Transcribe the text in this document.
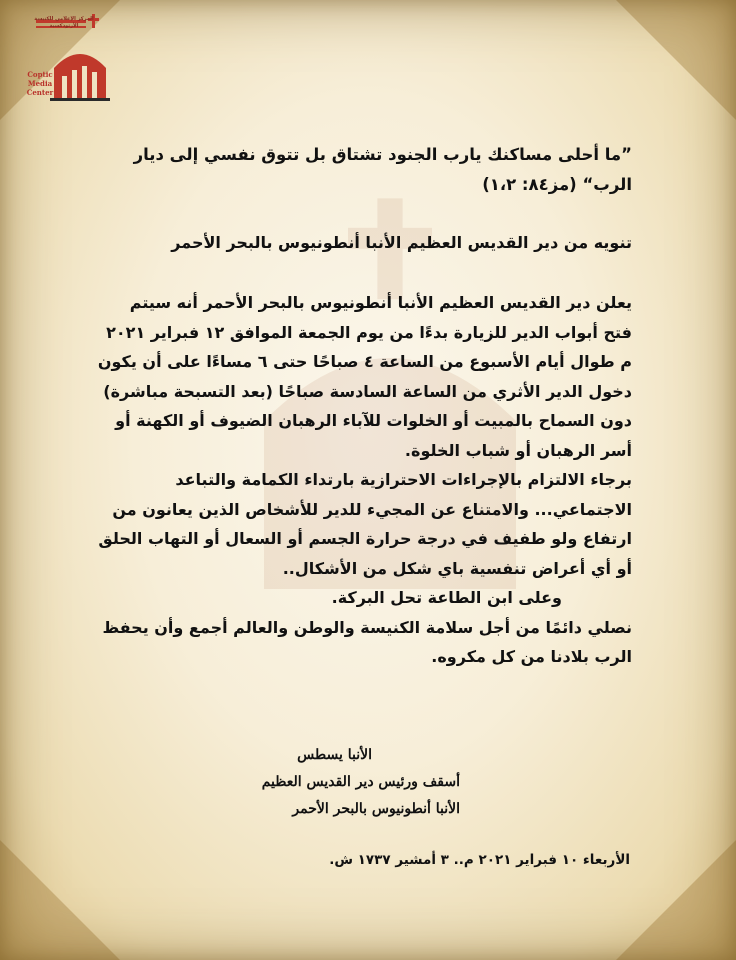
Coptic
Media
Center
المركز الإعلامي للكنيسة الأرثوذكسية

”ما أحلى مساكنك يارب الجنود تشتاق بل تتوق نفسي إلى ديار الرب“ (مز٨٤: ١،٢)

تنويه من دير القديس العظيم الأنبا أنطونيوس بالبحر الأحمر

يعلن دير القديس العظيم الأنبا أنطونيوس بالبحر الأحمر أنه سيتم فتح أبواب الدير للزيارة بدءًا من يوم الجمعة الموافق ١٢ فبراير ٢٠٢١ م طوال أيام الأسبوع من الساعة ٤ صباحًا حتى ٦ مساءًا على أن يكون دخول الدير الأثري من الساعة السادسة صباحًا (بعد التسبحة مباشرة) دون السماح بالمبيت أو الخلوات للآباء الرهبان الضيوف أو الكهنة أو أسر الرهبان أو شباب الخلوة.

برجاء الالتزام بالإجراءات الاحترازية بارتداء الكمامة والتباعد الاجتماعي... والامتناع عن المجيء للدير للأشخاص الذين يعانون من ارتفاع ولو طفيف في درجة حرارة الجسم أو السعال أو التهاب الحلق أو أي أعراض تنفسية باي شكل من الأشكال..

وعلى ابن الطاعة تحل البركة.

نصلي دائمًا من أجل سلامة الكنيسة والوطن والعالم أجمع وأن يحفظ الرب بلادنا من كل مكروه.

الأنبا يسطس
أسقف ورئيس دير القديس العظيم
الأنبا أنطونيوس بالبحر الأحمر
الأربعاء ١٠ فبراير ٢٠٢١ م.. ٣ أمشير ١٧٣٧ ش.
